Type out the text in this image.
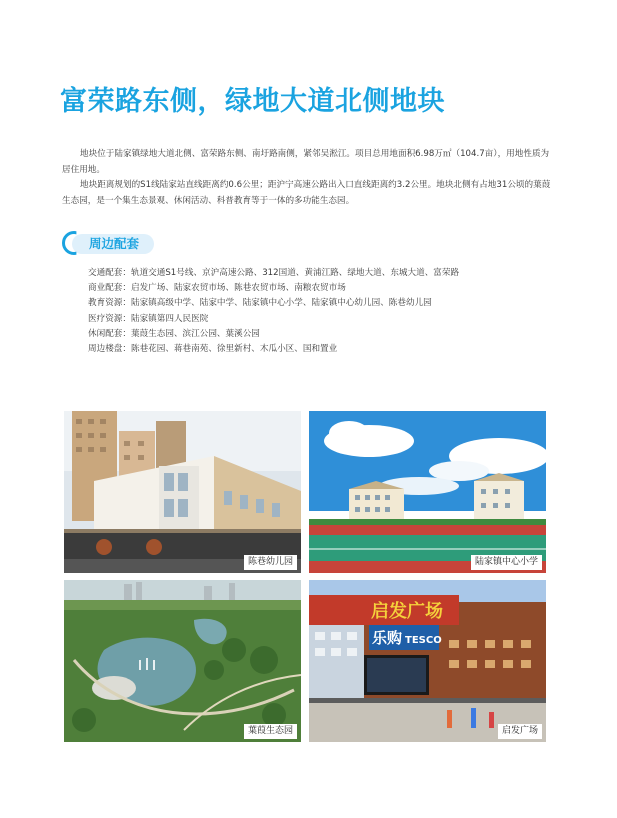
富荣路东侧，绿地大道北侧地块

地块位于陆家镇绿地大道北侧、富荣路东侧、南圩路南侧，紧邻吴淞江。项目总用地面积6.98万㎡（104.7亩），用地性质为居住用地。

地块距离规划的S1线陆家站直线距离约0.6公里；距沪宁高速公路出入口直线距离约3.2公里。地块北侧有占地31公顷的葉葭生态园，是一个集生态景观、休闲活动、科普教育等于一体的多功能生态园。

周边配套
交通配套：轨道交通S1号线、京沪高速公路、312国道、黄浦江路、绿地大道、东城大道、富荣路
商业配套：启发广场、陆家农贸市场、陈巷农贸市场、南粮农贸市场
教育资源：陆家镇高级中学、陆家中学、陆家镇中心小学、陆家镇中心幼儿园、陈巷幼儿园
医疗资源：陆家镇第四人民医院
休闲配套：葉葭生态园、滨江公园、葉溪公园
周边楼盘：陈巷花园、蒋巷南苑、徐里新村、木瓜小区、国和置业
陈巷幼儿园	陆家镇中心小学
葉葭生态园
启发广场
乐购 TESCO
启发广场
